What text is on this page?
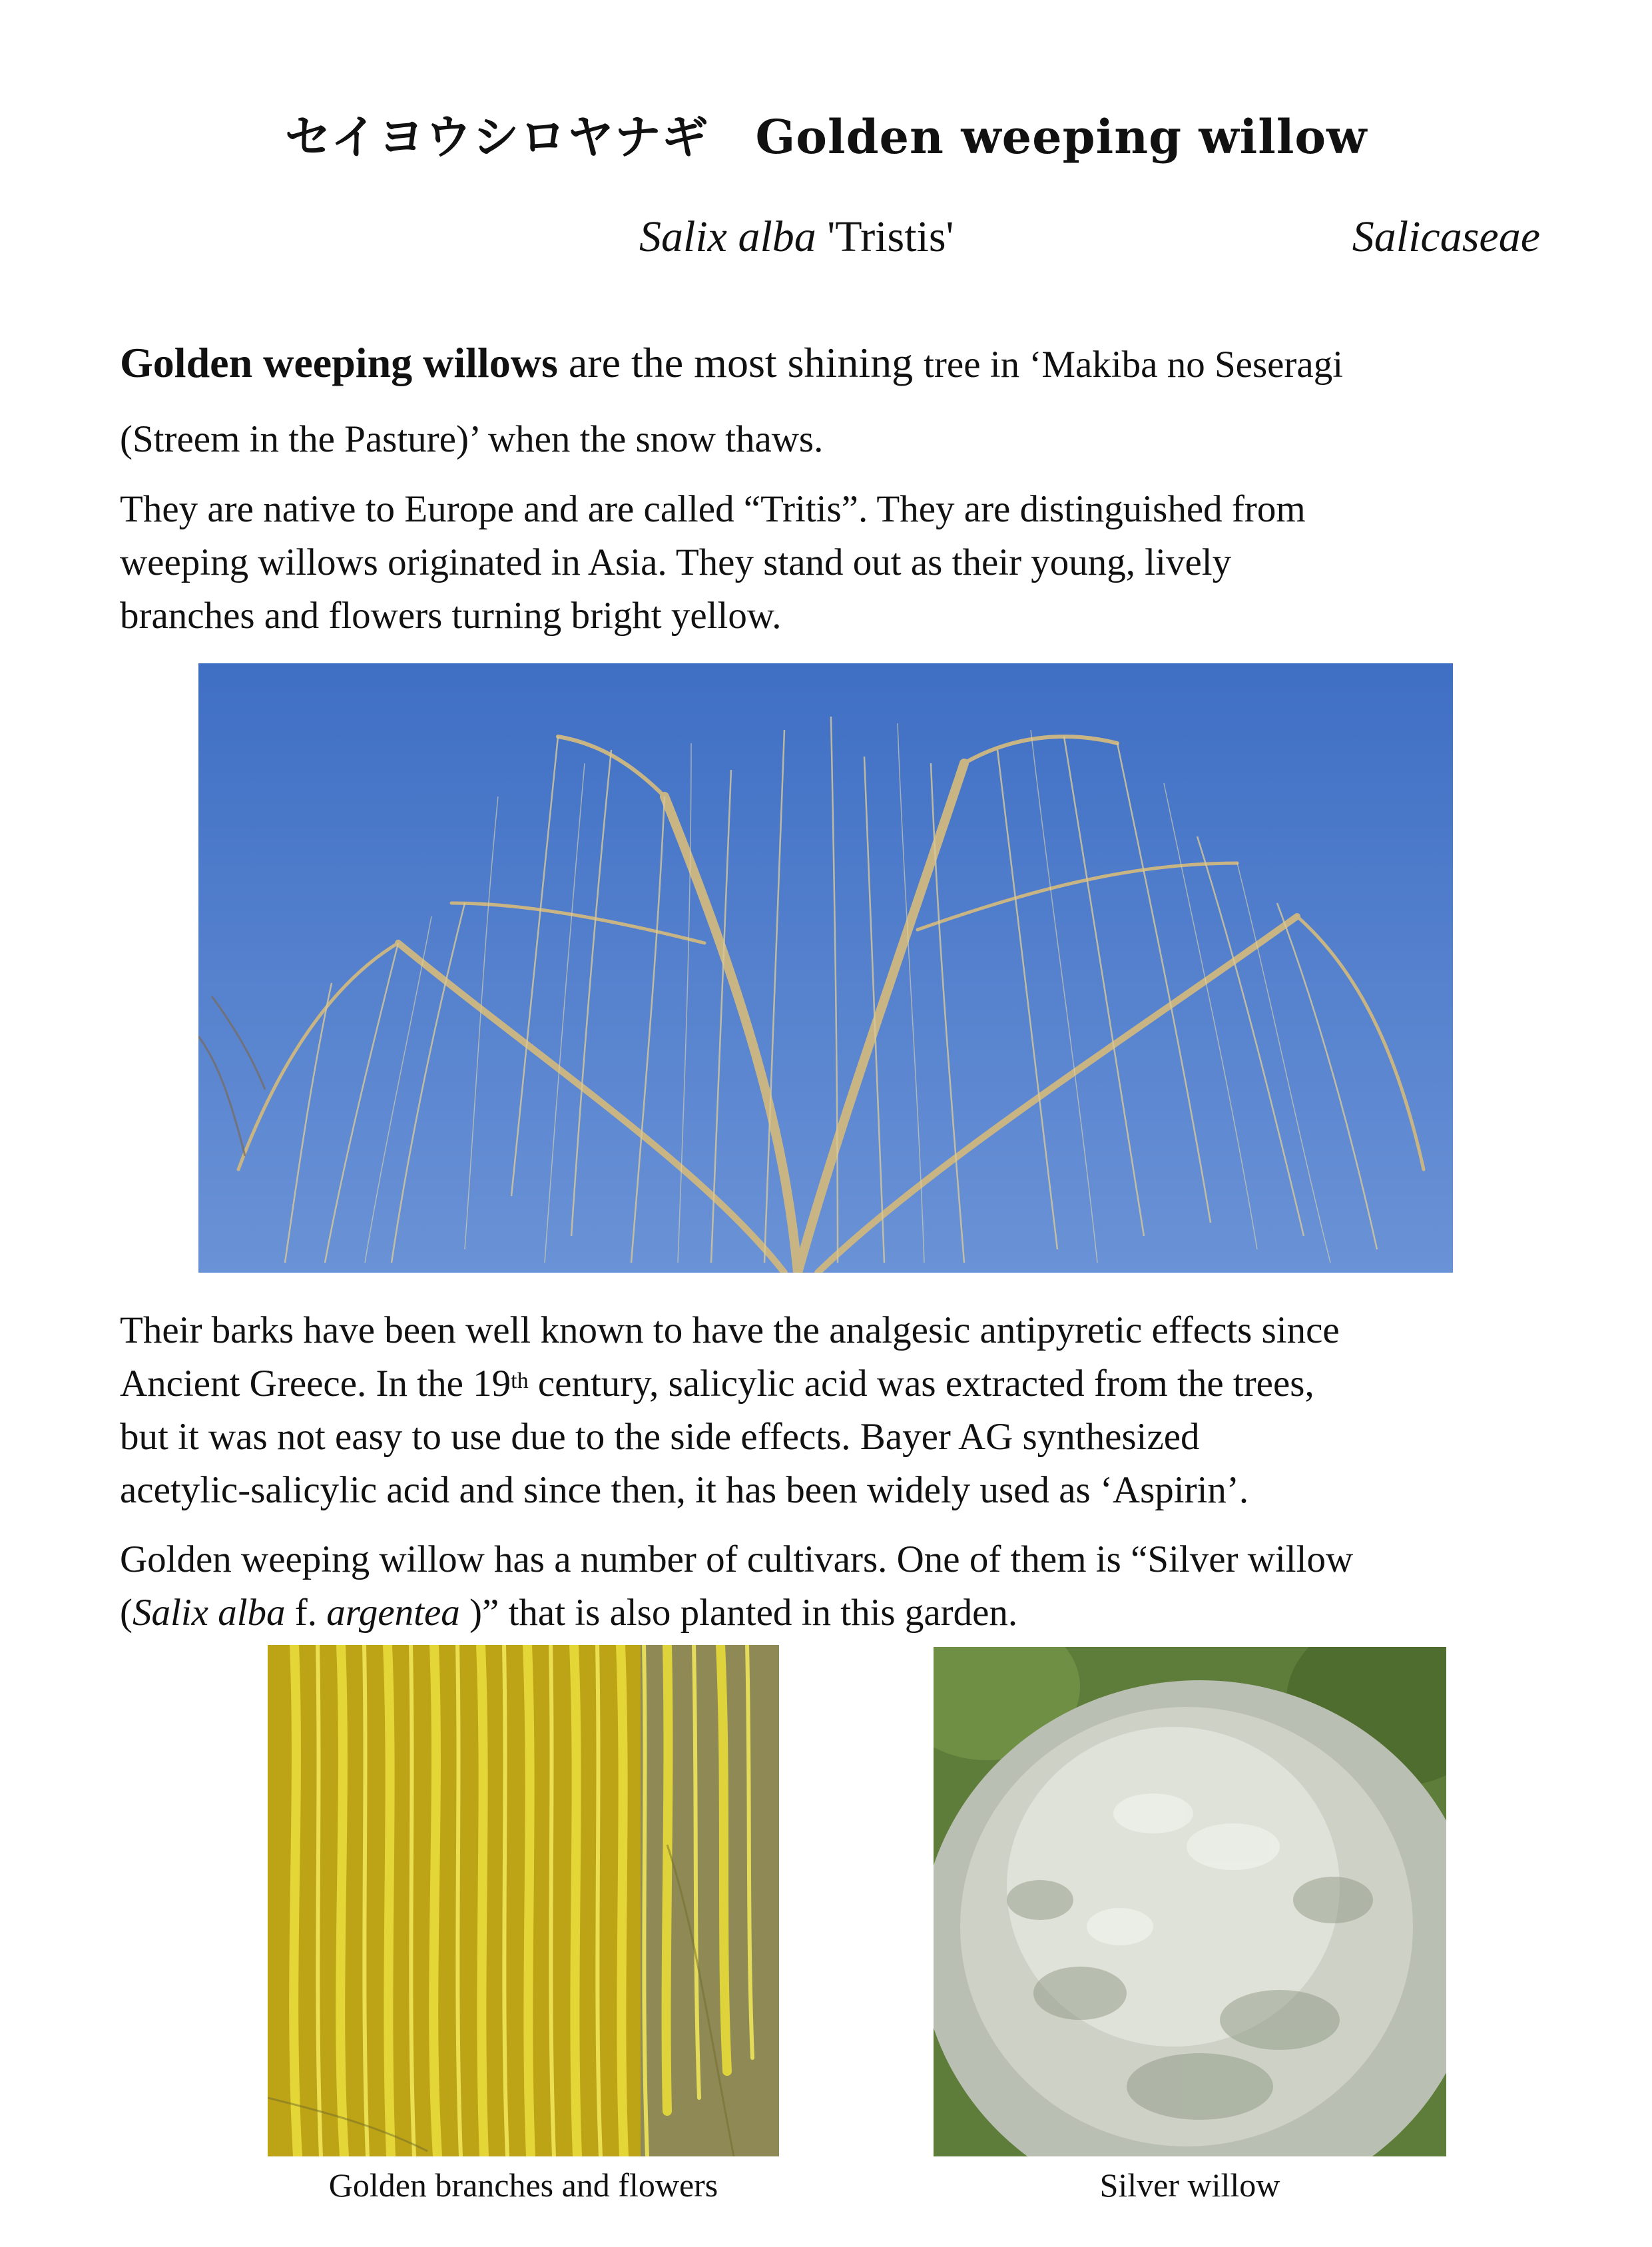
セイヨウシロヤナギ Golden weeping willow
Salix alba 'Tristis'	Salicaseae
Golden weeping willows are the most shining tree in ‘Makiba no Seseragi
(Streem in the Pasture)’ when the snow thaws.
They are native to Europe and are called “Tritis”. They are distinguished from
weeping willows originated in Asia. They stand out as their young, lively
branches and flowers turning bright yellow.
Their barks have been well known to have the analgesic antipyretic effects since
Ancient Greece. In the 19th century, salicylic acid was extracted from the trees,
but it was not easy to use due to the side effects. Bayer AG synthesized
acetylic-salicylic acid and since then, it has been widely used as ‘Aspirin’.
Golden weeping willow has a number of cultivars. One of them is “Silver willow
(Salix alba f. argentea )” that is also planted in this garden.
Golden branches and flowers	Silver willow
